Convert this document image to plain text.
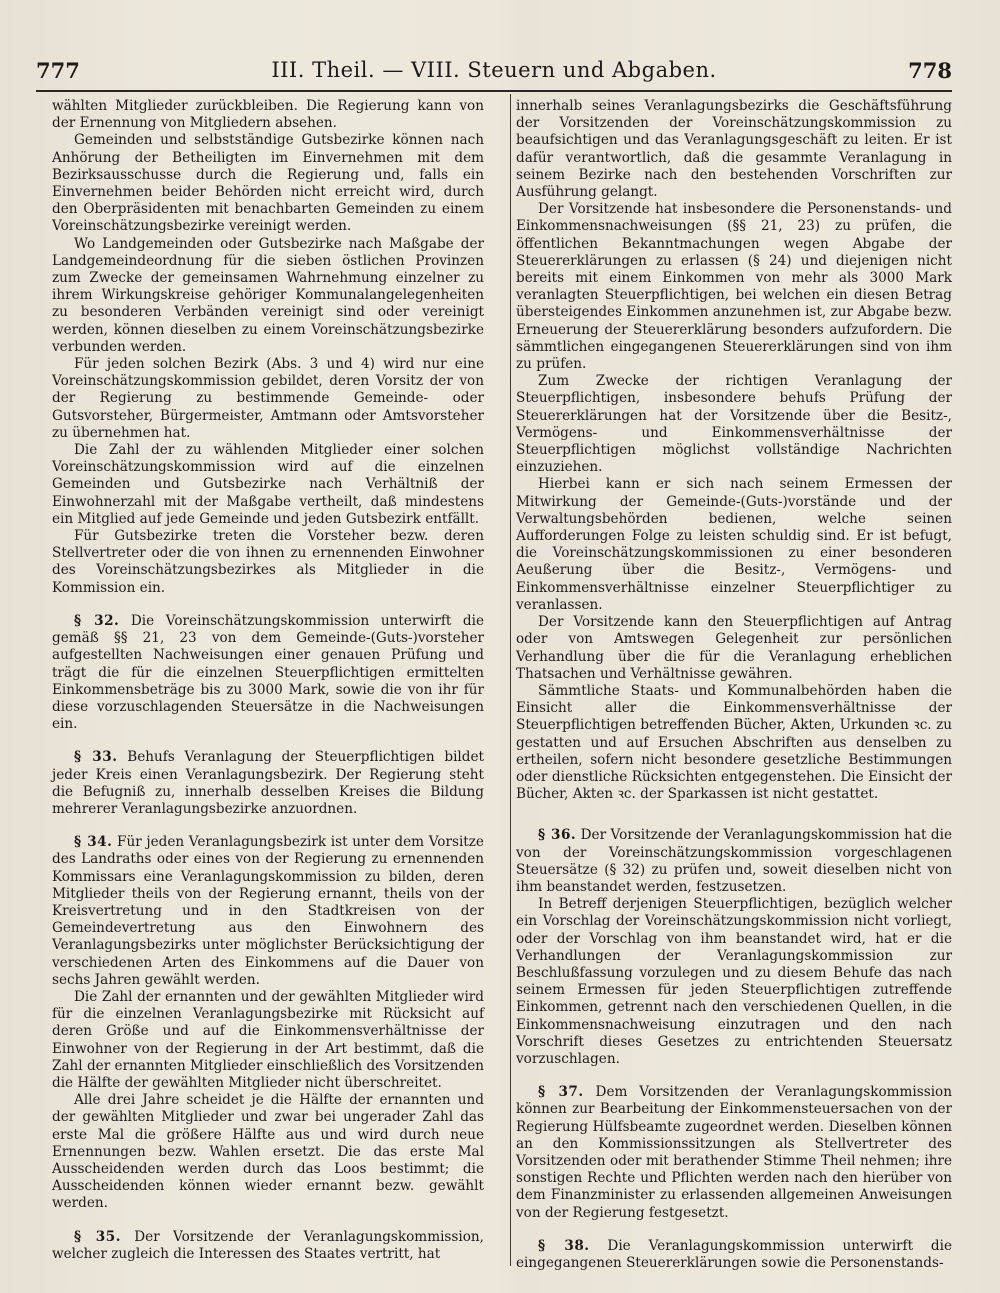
777	III. Theil. — VIII. Steuern und Abgaben.	778

wählten Mitglieder zurückbleiben. Die Regierung kann von der Ernennung von Mitgliedern absehen.

Gemeinden und selbstständige Gutsbezirke können nach Anhörung der Betheiligten im Einvernehmen mit dem Bezirksausschusse durch die Regierung und, falls ein Einvernehmen beider Behörden nicht erreicht wird, durch den Oberpräsidenten mit benachbarten Gemeinden zu einem Voreinschätzungsbezirke vereinigt werden.

Wo Landgemeinden oder Gutsbezirke nach Maßgabe der Landgemeindeordnung für die sieben östlichen Provinzen zum Zwecke der gemeinsamen Wahrnehmung einzelner zu ihrem Wirkungskreise gehöriger Kommunalangelegenheiten zu besonderen Verbänden vereinigt sind oder vereinigt werden, können dieselben zu einem Voreinschätzungsbezirke verbunden werden.

Für jeden solchen Bezirk (Abs. 3 und 4) wird nur eine Voreinschätzungskommission gebildet, deren Vorsitz der von der Regierung zu bestimmende Gemeinde- oder Gutsvorsteher, Bürgermeister, Amtmann oder Amtsvorsteher zu übernehmen hat.

Die Zahl der zu wählenden Mitglieder einer solchen Voreinschätzungskommission wird auf die einzelnen Gemeinden und Gutsbezirke nach Verhältniß der Einwohnerzahl mit der Maßgabe vertheilt, daß mindestens ein Mitglied auf jede Gemeinde und jeden Gutsbezirk entfällt.

Für Gutsbezirke treten die Vorsteher bezw. deren Stellvertreter oder die von ihnen zu ernennenden Einwohner des Voreinschätzungsbezirkes als Mitglieder in die Kommission ein.

§ 32. Die Voreinschätzungskommission unterwirft die gemäß §§ 21, 23 von dem Gemeinde-(Guts-)vorsteher aufgestellten Nachweisungen einer genauen Prüfung und trägt die für die einzelnen Steuerpflichtigen ermittelten Einkommensbeträge bis zu 3000 Mark, sowie die von ihr für diese vorzuschlagenden Steuersätze in die Nachweisungen ein.

§ 33. Behufs Veranlagung der Steuerpflichtigen bildet jeder Kreis einen Veranlagungsbezirk. Der Regierung steht die Befugniß zu, innerhalb desselben Kreises die Bildung mehrerer Veranlagungsbezirke anzuordnen.

§ 34. Für jeden Veranlagungsbezirk ist unter dem Vorsitze des Landraths oder eines von der Regierung zu ernennenden Kommissars eine Veranlagungskommission zu bilden, deren Mitglieder theils von der Regierung ernannt, theils von der Kreisvertretung und in den Stadtkreisen von der Gemeindevertretung aus den Einwohnern des Veranlagungsbezirks unter möglichster Berücksichtigung der verschiedenen Arten des Einkommens auf die Dauer von sechs Jahren gewählt werden.

Die Zahl der ernannten und der gewählten Mitglieder wird für die einzelnen Veranlagungsbezirke mit Rücksicht auf deren Größe und auf die Einkommensverhältnisse der Einwohner von der Regierung in der Art bestimmt, daß die Zahl der ernannten Mitglieder einschließlich des Vorsitzenden die Hälfte der gewählten Mitglieder nicht überschreitet.

Alle drei Jahre scheidet je die Hälfte der ernannten und der gewählten Mitglieder und zwar bei ungerader Zahl das erste Mal die größere Hälfte aus und wird durch neue Ernennungen bezw. Wahlen ersetzt. Die das erste Mal Ausscheidenden werden durch das Loos bestimmt; die Ausscheidenden können wieder ernannt bezw. gewählt werden.

§ 35. Der Vorsitzende der Veranlagungskommission, welcher zugleich die Interessen des Staates vertritt, hat

innerhalb seines Veranlagungsbezirks die Geschäftsführung der Vorsitzenden der Voreinschätzungskommission zu beaufsichtigen und das Veranlagungsgeschäft zu leiten. Er ist dafür verantwortlich, daß die gesammte Veranlagung in seinem Bezirke nach den bestehenden Vorschriften zur Ausführung gelangt.

Der Vorsitzende hat insbesondere die Personenstands- und Einkommensnachweisungen (§§ 21, 23) zu prüfen, die öffentlichen Bekanntmachungen wegen Abgabe der Steuererklärungen zu erlassen (§ 24) und diejenigen nicht bereits mit einem Einkommen von mehr als 3000 Mark veranlagten Steuerpflichtigen, bei welchen ein diesen Betrag übersteigendes Einkommen anzunehmen ist, zur Abgabe bezw. Erneuerung der Steuererklärung besonders aufzufordern. Die sämmtlichen eingegangenen Steuererklärungen sind von ihm zu prüfen.

Zum Zwecke der richtigen Veranlagung der Steuerpflichtigen, insbesondere behufs Prüfung der Steuererklärungen hat der Vorsitzende über die Besitz-, Vermögens- und Einkommensverhältnisse der Steuerpflichtigen möglichst vollständige Nachrichten einzuziehen.

Hierbei kann er sich nach seinem Ermessen der Mitwirkung der Gemeinde-(Guts-)vorstände und der Verwaltungsbehörden bedienen, welche seinen Aufforderungen Folge zu leisten schuldig sind. Er ist befugt, die Voreinschätzungskommissionen zu einer besonderen Aeußerung über die Besitz-, Vermögens- und Einkommensverhältnisse einzelner Steuerpflichtiger zu veranlassen.

Der Vorsitzende kann den Steuerpflichtigen auf Antrag oder von Amtswegen Gelegenheit zur persönlichen Verhandlung über die für die Veranlagung erheblichen Thatsachen und Verhältnisse gewähren.

Sämmtliche Staats- und Kommunalbehörden haben die Einsicht aller die Einkommensverhältnisse der Steuerpflichtigen betreffenden Bücher, Akten, Urkunden ꝛc. zu gestatten und auf Ersuchen Abschriften aus denselben zu ertheilen, sofern nicht besondere gesetzliche Bestimmungen oder dienstliche Rücksichten entgegenstehen. Die Einsicht der Bücher, Akten ꝛc. der Sparkassen ist nicht gestattet.

§ 36. Der Vorsitzende der Veranlagungskommission hat die von der Voreinschätzungskommission vorgeschlagenen Steuersätze (§ 32) zu prüfen und, soweit dieselben nicht von ihm beanstandet werden, festzusetzen.

In Betreff derjenigen Steuerpflichtigen, bezüglich welcher ein Vorschlag der Voreinschätzungskommission nicht vorliegt, oder der Vorschlag von ihm beanstandet wird, hat er die Verhandlungen der Veranlagungskommission zur Beschlußfassung vorzulegen und zu diesem Behufe das nach seinem Ermessen für jeden Steuerpflichtigen zutreffende Einkommen, getrennt nach den verschiedenen Quellen, in die Einkommensnachweisung einzutragen und den nach Vorschrift dieses Gesetzes zu entrichtenden Steuersatz vorzuschlagen.

§ 37. Dem Vorsitzenden der Veranlagungskommission können zur Bearbeitung der Einkommensteuersachen von der Regierung Hülfsbeamte zugeordnet werden. Dieselben können an den Kommissionssitzungen als Stellvertreter des Vorsitzenden oder mit berathender Stimme Theil nehmen; ihre sonstigen Rechte und Pflichten werden nach den hierüber von dem Finanzminister zu erlassenden allgemeinen Anweisungen von der Regierung festgesetzt.

§ 38. Die Veranlagungskommission unterwirft die eingegangenen Steuererklärungen sowie die Personenstands-
